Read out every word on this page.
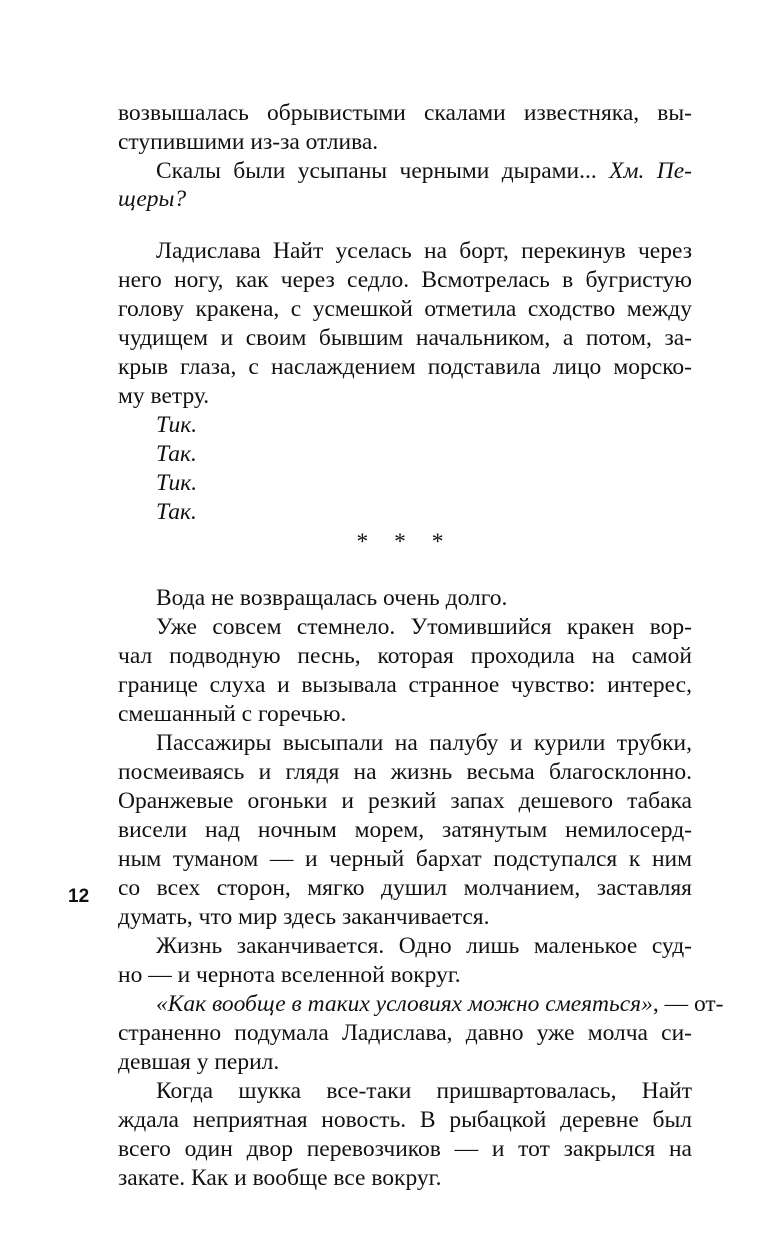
возвышалась обрывистыми скалами известняка, вы-

ступившими из-за отлива.

Скалы были усыпаны черными дырами... Хм. Пе-

щеры?

Ладислава Найт уселась на борт, перекинув через

него ногу, как через седло. Всмотрелась в бугристую

голову кракена, с усмешкой отметила сходство между

чудищем и своим бывшим начальником, а потом, за-

крыв глаза, с наслаждением подставила лицо морско-

му ветру.

Тик.

Так.

Тик.

Так.

* * *

Вода не возвращалась очень долго.

Уже совсем стемнело. Утомившийся кракен вор-

чал подводную песнь, которая проходила на самой

границе слуха и вызывала странное чувство: интерес,

смешанный с горечью.

Пассажиры высыпали на палубу и курили трубки,

посмеиваясь и глядя на жизнь весьма благосклонно.

Оранжевые огоньки и резкий запах дешевого табака

висели над ночным морем, затянутым немилосерд-

ным туманом — и черный бархат подступался к ним

со всех сторон, мягко душил молчанием, заставляя

думать, что мир здесь заканчивается.

Жизнь заканчивается. Одно лишь маленькое суд-

но — и чернота вселенной вокруг.

«Как вообще в таких условиях можно смеяться», — от-

страненно подумала Ладислава, давно уже молча си-

девшая у перил.

Когда шукка все-таки пришвартовалась, Найт

ждала неприятная новость. В рыбацкой деревне был

всего один двор перевозчиков — и тот закрылся на

закате. Как и вообще все вокруг.

12
